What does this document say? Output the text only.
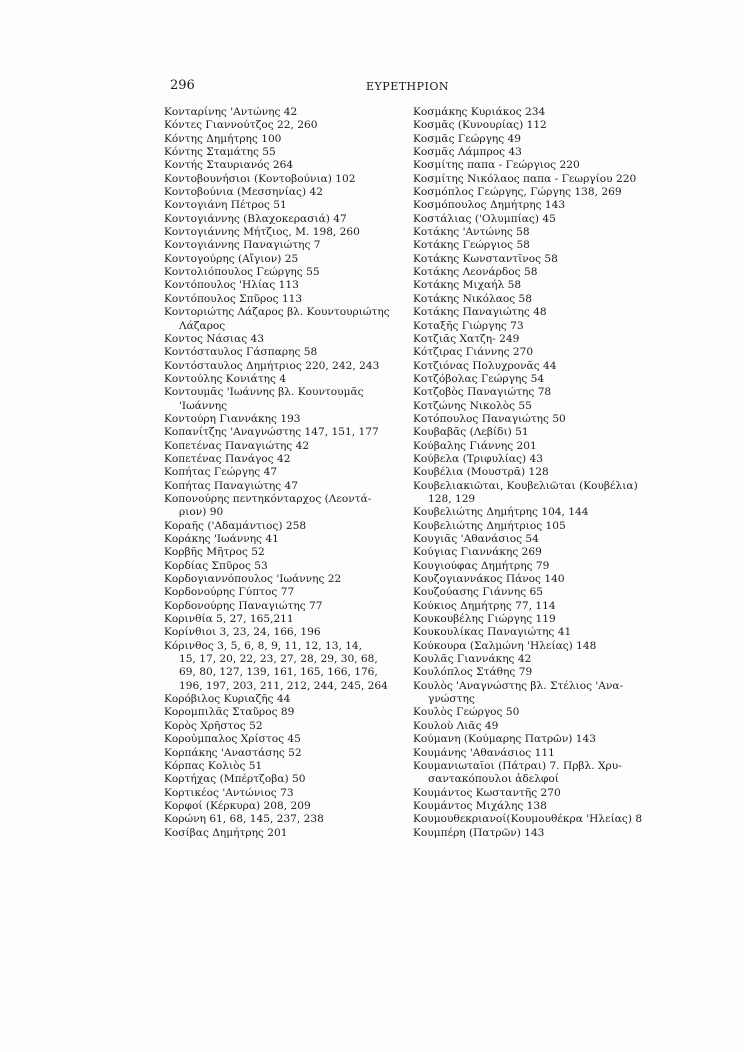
296	ΕΥΡΕΤΗΡΙΟΝ
Κονταρίνης 'Αντώνης 42
Κόντες Γιαννούτζος 22, 260
Κόντης Δημήτρης 100
Κόντης Σταμάτης 55
Κοντής Σταυριανός 264
Κοντοβουνήσιοι (Κοντοβούνια) 102
Κοντοβούνια (Μεσσηνίας) 42
Κοντογιάνη Πέτρος 51
Κοντογιάννης (Βλαχοκερασιά) 47
Κοντογιάννης Μήτζιος, Μ. 198, 260
Κοντογιάννης Παναγιώτης 7
Κοντογούρης (Αἴγιον) 25
Κοντολιόπουλος Γεώργης 55
Κοντόπουλος 'Ηλίας 113
Κοντόπουλος Σπῦρος 113
Κοντοριώτης Λάζαρος βλ. Κουντουριώτης
Λάζαρος
Κοντος Νάσιας 43
Κοντόσταυλος Γάσπαρης 58
Κοντόσταυλος Δημήτριος 220, 242, 243
Κοντούλης Κονιάτης 4
Κοντουμᾶς 'Ιωάννης βλ. Κουντουμᾶς
'Ιωάννης
Κοντούρη Γιαννάκης 193
Κοπανίτζης 'Αναγνώστης 147, 151, 177
Κοπετένας Παναγιώτης 42
Κοπετένας Πανάγος 42
Κοπήτας Γεώργης 47
Κοπήτας Παναγιώτης 47
Κοπονούρης πεντηκόνταρχος (Λεοντά-
ριον) 90
Κοραῆς ('Αδαμάντιος) 258
Κοράκης 'Ιωάννης 41
Κορβῆς Μῆτρος 52
Κορδίας Σπῦρος 53
Κορδογιαννόπουλος 'Ιωάννης 22
Κορδονούρης Γύπτος 77
Κορδονούρης Παναγιώτης 77
Κορινθία 5, 27, 165,211
Κορίνθιοι 3, 23, 24, 166, 196
Κόρινθος 3, 5, 6, 8, 9, 11, 12, 13, 14,
15, 17, 20, 22, 23, 27, 28, 29, 30, 68,
69, 80, 127, 139, 161, 165, 166, 176,
196, 197, 203, 211, 212, 244, 245, 264
Κορόβιλος Κυριαζῆς 44
Κορομπιλᾶς Σταῦρος 89
Κορὸς Χρῆστος 52
Κοροὐμπαλος Χρίστος 45
Κορπάκης 'Αναστάσης 52
Κόρπας Κολιὸς 51
Κορτήχας (Μπέρτζοβα) 50
Κορτικέος 'Αντώνιος 73
Κορφοί (Κέρκυρα) 208, 209
Κορώνη 61, 68, 145, 237, 238
Κοσίβας Δημήτρης 201
Κοσμάκης Κυριάκος 234
Κοσμᾶς (Κυνουρίας) 112
Κοσμᾶς Γεώργης 49
Κοσμᾶς Λάμπρος 43
Κοσμίτης παπα - Γεώργιος 220
Κοσμίτης Νικόλαος παπα - Γεωργίου 220
Κοσμόπλος Γεώργης, Γώργης 138, 269
Κοσμόπουλος Δημήτρης 143
Κοστάλιας ('Ολυμπίας) 45
Κοτάκης 'Αντώνης 58
Κοτάκης Γεώργιος 58
Κοτάκης Κωνσταντῖνος 58
Κοτάκης Λεονάρδος 58
Κοτάκης Μιχαήλ 58
Κοτάκης Νικόλαος 58
Κοτάκης Παναγιώτης 48
Κοταξῆς Γιώργης 73
Κοτζιᾶς Χατζη- 249
Κότζιρας Γιάννης 270
Κοτζιόνας Πολυχρονᾶς 44
Κοτζόβολας Γεώργης 54
Κοτζοβὸς Παναγιώτης 78
Κοτζώνης Νικολὸς 55
Κοτόπουλος Παναγιώτης 50
Κουβαβᾶς (Λεβίδι) 51
Κούβαλης Γιάννης 201
Κούβελα (Τριφυλίας) 43
Κουβέλια (Μουστρᾶ) 128
Κουβελιακιῶται, Κουβελιῶται (Κουβέλια)
128, 129
Κουβελιώτης Δημήτρης 104, 144
Κουβελιώτης Δημήτριος 105
Κουγιᾶς 'Αθανάσιος 54
Κούγιας Γιαννάκης 269
Κουγιούφας Δημήτρης 79
Κουζογιαννάκος Πάνος 140
Κουζούασης Γιάννης 65
Κούκιος Δημήτρης 77, 114
Κουκουβέλης Γιώργης 119
Κουκουλίκας Παναγιώτης 41
Κούκουρα (Σαλμώνη 'Ηλείας) 148
Κουλᾶς Γιαννάκης 42
Κουλόπλος Στάθης 79
Κουλὸς 'Αναγνώστης βλ. Στέλιος 'Ανα-
γνώστης
Κουλὸς Γεώργος 50
Κουλοὺ Λιᾶς 49
Κούμανη (Κούμαρης Πατρῶν) 143
Κουμάνης 'Αθανάσιος 111
Κουμανιωταῖοι (Πάτραι) 7. Πρβλ. Χρυ-
σαντακόπουλοι ἀδελφοί
Κουμάντος Κωσταντῆς 270
Κουμάντος Μιχάλης 138
Κουμουθεκριανοί(Κουμουθέκρα 'Ηλείας) 8
Κουμπέρη (Πατρῶν) 143
